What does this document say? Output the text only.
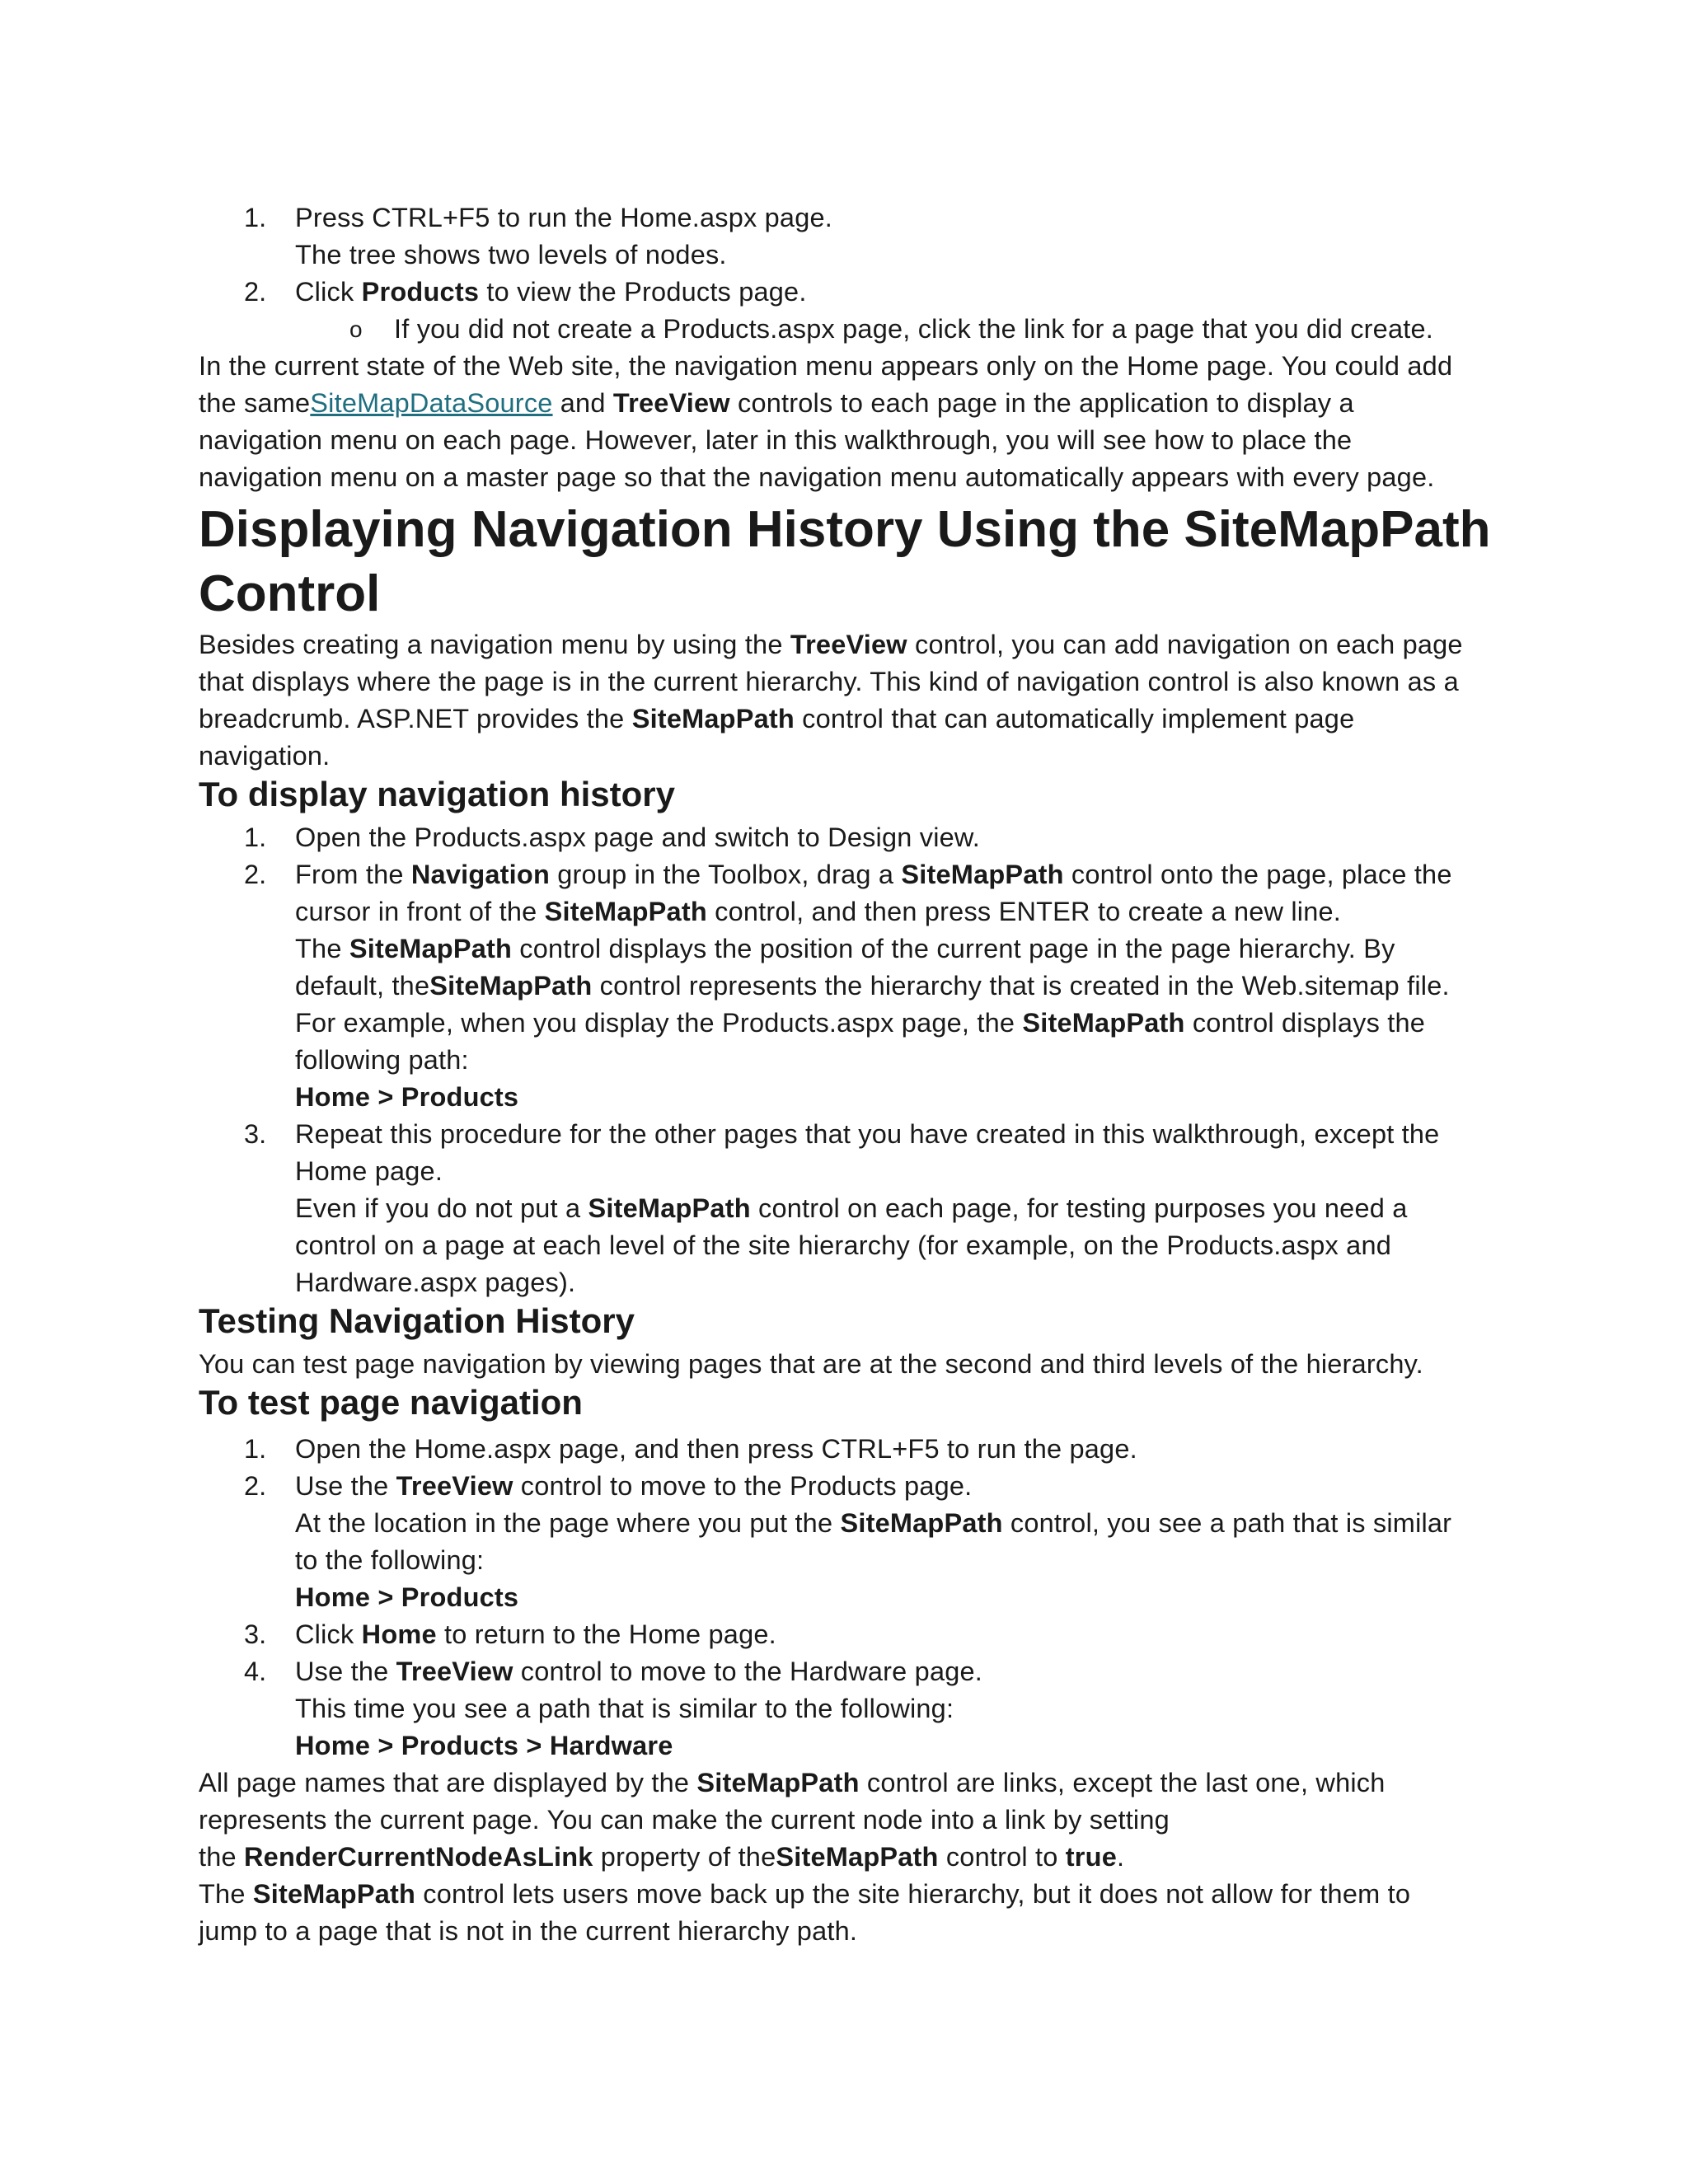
1. Press CTRL+F5 to run the Home.aspx page.
The tree shows two levels of nodes.
2. Click Products to view the Products page.
o If you did not create a Products.aspx page, click the link for a page that you did create.
In the current state of the Web site, the navigation menu appears only on the Home page. You could add
the sameSiteMapDataSource and TreeView controls to each page in the application to display a
navigation menu on each page. However, later in this walkthrough, you will see how to place the
navigation menu on a master page so that the navigation menu automatically appears with every page.
Displaying Navigation History Using the SiteMapPath
Control
Besides creating a navigation menu by using the TreeView control, you can add navigation on each page
that displays where the page is in the current hierarchy. This kind of navigation control is also known as a
breadcrumb. ASP.NET provides the SiteMapPath control that can automatically implement page
navigation.
To display navigation history
1. Open the Products.aspx page and switch to Design view.
2. From the Navigation group in the Toolbox, drag a SiteMapPath control onto the page, place the
cursor in front of the SiteMapPath control, and then press ENTER to create a new line.
The SiteMapPath control displays the position of the current page in the page hierarchy. By
default, theSiteMapPath control represents the hierarchy that is created in the Web.sitemap file.
For example, when you display the Products.aspx page, the SiteMapPath control displays the
following path:
Home > Products
3. Repeat this procedure for the other pages that you have created in this walkthrough, except the
Home page.
Even if you do not put a SiteMapPath control on each page, for testing purposes you need a
control on a page at each level of the site hierarchy (for example, on the Products.aspx and
Hardware.aspx pages).
Testing Navigation History
You can test page navigation by viewing pages that are at the second and third levels of the hierarchy.
To test page navigation
1. Open the Home.aspx page, and then press CTRL+F5 to run the page.
2. Use the TreeView control to move to the Products page.
At the location in the page where you put the SiteMapPath control, you see a path that is similar
to the following:
Home > Products
3. Click Home to return to the Home page.
4. Use the TreeView control to move to the Hardware page.
This time you see a path that is similar to the following:
Home > Products > Hardware
All page names that are displayed by the SiteMapPath control are links, except the last one, which
represents the current page. You can make the current node into a link by setting
the RenderCurrentNodeAsLink property of theSiteMapPath control to true.
The SiteMapPath control lets users move back up the site hierarchy, but it does not allow for them to
jump to a page that is not in the current hierarchy path.
